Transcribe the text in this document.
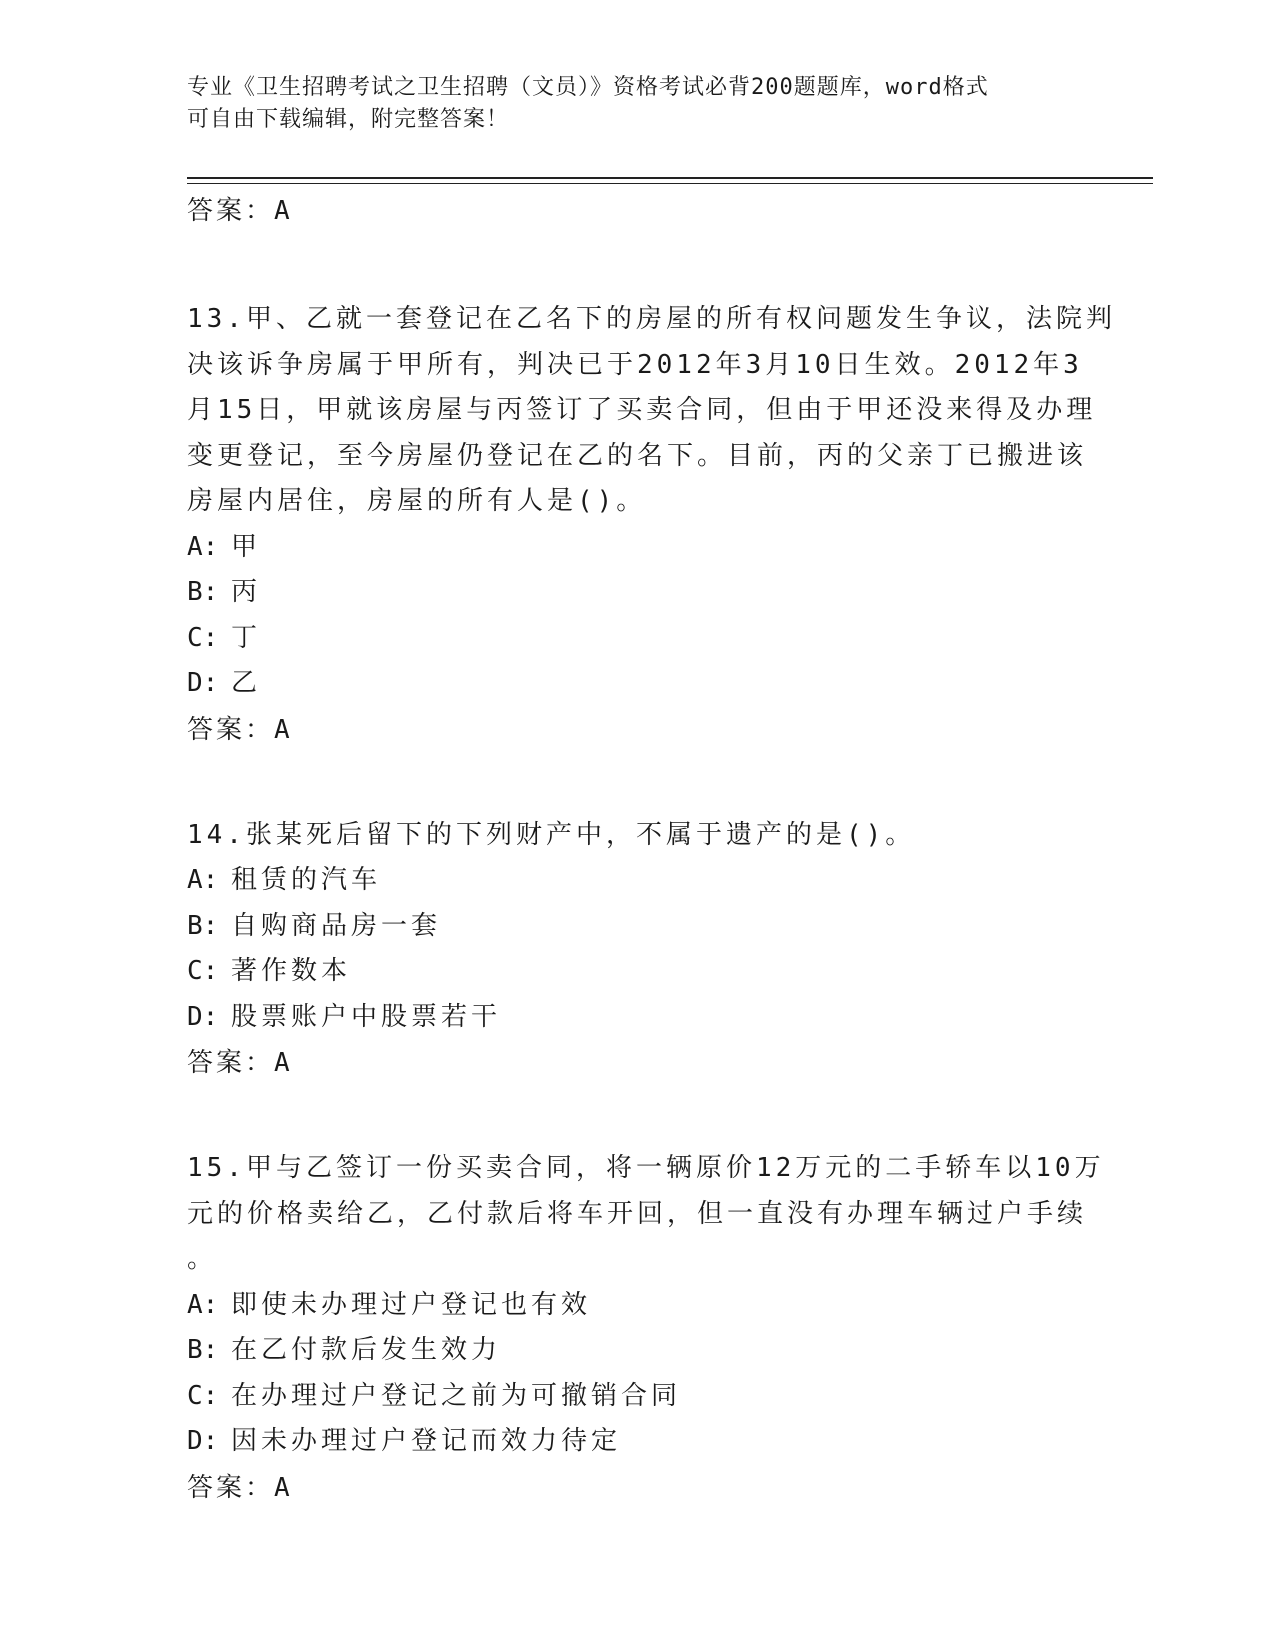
专业《卫生招聘考试之卫生招聘（文员）》资格考试必背200题题库，word格式
可自由下载编辑，附完整答案！
答案：A
13.甲、乙就一套登记在乙名下的房屋的所有权问题发生争议，法院判
决该诉争房属于甲所有，判决已于2012年3月10日生效。2012年3
月15日，甲就该房屋与丙签订了买卖合同，但由于甲还没来得及办理
变更登记，至今房屋仍登记在乙的名下。目前，丙的父亲丁已搬进该
房屋内居住，房屋的所有人是()。
A: 甲
B: 丙
C: 丁
D: 乙
答案：A
14.张某死后留下的下列财产中，不属于遗产的是()。
A: 租赁的汽车
B: 自购商品房一套
C: 著作数本
D: 股票账户中股票若干
答案：A
15.甲与乙签订一份买卖合同，将一辆原价12万元的二手轿车以10万
元的价格卖给乙，乙付款后将车开回，但一直没有办理车辆过户手续
。
A: 即使未办理过户登记也有效
B: 在乙付款后发生效力
C: 在办理过户登记之前为可撤销合同
D: 因未办理过户登记而效力待定
答案：A
